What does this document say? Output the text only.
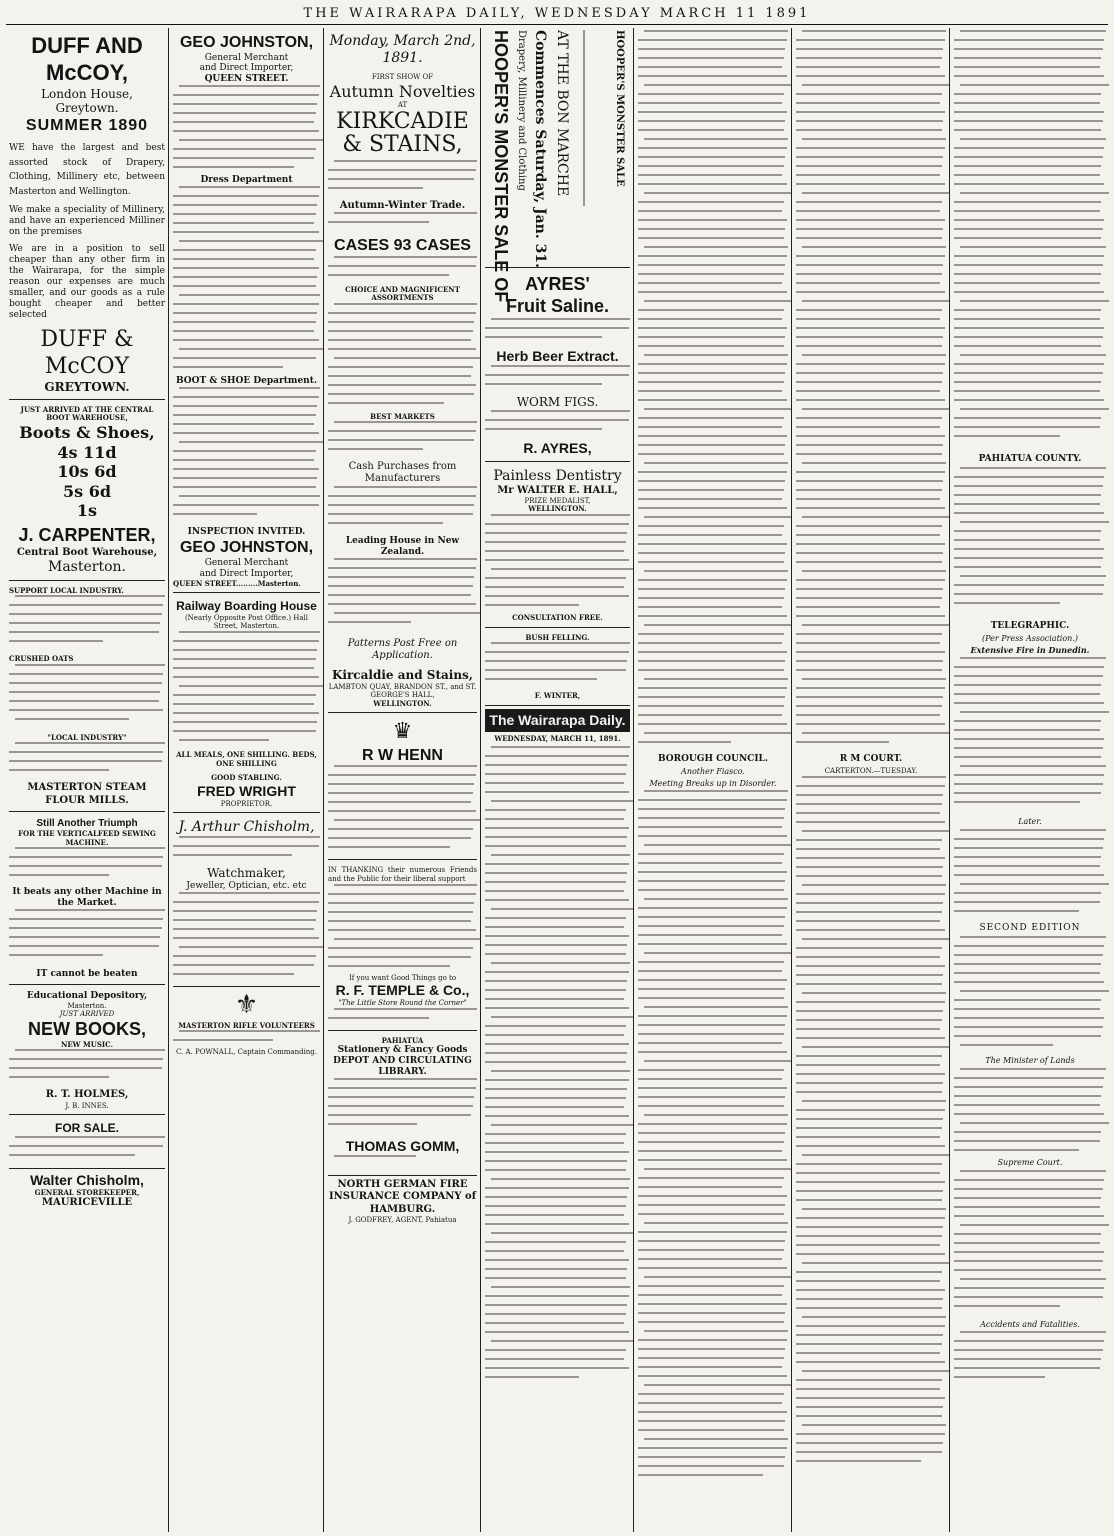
THE WAIRARAPA DAILY, WEDNESDAY MARCH 11 1891
DUFF AND McCOY,
London House, Greytown.
SUMMER 1890
WE have the largest and best assorted stock of Drapery, Clothing, Millinery etc, between Masterton and Wellington.
We make a speciality of Millinery, and have an experienced Milliner on the premises
We are in a position to sell cheaper than any other firm in the Wairarapa, for the simple reason our expenses are much smaller, and our goods as a rule bought cheaper and better selected
DUFF & McCOY
GREYTOWN.
JUST ARRIVED AT THE CENTRAL BOOT WAREHOUSE,
Boots & Shoes,
4s 11d
10s 6d
5s 6d
1s
J. CARPENTER,
Central Boot Warehouse,
Masterton.
SUPPORT LOCAL INDUSTRY.
CRUSHED OATS
"LOCAL INDUSTRY"
MASTERTON STEAM FLOUR MILLS.
Still Another Triumph
FOR THE VERTICALFEED SEWING MACHINE.
It beats any other Machine in the Market.
IT cannot be beaten
Educational Depository,
Masterton.
JUST ARRIVED
NEW BOOKS,
NEW MUSIC.
R. T. HOLMES,
J. B. INNES.
FOR SALE.
Walter Chisholm,
GENERAL STOREKEEPER,
MAURICEVILLE
GEO JOHNSTON,
General Merchant
and Direct Importer,
QUEEN STREET.
Dress Department
BOOT & SHOE Department.
INSPECTION INVITED.
GEO JOHNSTON,
General Merchant
and Direct Importer,
QUEEN STREET.........Masterton.
Railway Boarding House
(Nearly Opposite Post Office.) Hall Street, Masterton.
ALL MEALS, ONE SHILLING. BEDS, ONE SHILLING
GOOD STABLING.
FRED WRIGHT
PROPRIETOR.
J. Arthur Chisholm,
Watchmaker,
Jeweller, Optician, etc. etc
⚜
MASTERTON RIFLE VOLUNTEERS
C. A. POWNALL, Captain Commanding.
Monday, March 2nd, 1891.
FIRST SHOW OF
Autumn Novelties
AT
KIRKCADIE & STAINS,
Autumn-Winter Trade.
CASES 93 CASES
CHOICE AND MAGNIFICENT ASSORTMENTS
BEST MARKETS
Cash Purchases from Manufacturers
Leading House in New Zealand.
Patterns Post Free on Application.
Kircaldie and Stains,
LAMBTON QUAY, BRANDON ST., and ST. GEORGE'S HALL,
WELLINGTON.
♛
R W HENN
IN THANKING their numerous Friends and the Public for their liberal support
If you want Good Things go to
R. F. TEMPLE & Co.,
"The Little Store Round the Corner"
PAHIATUA
Stationery & Fancy Goods DEPOT AND CIRCULATING LIBRARY.
THOMAS GOMM,
NORTH GERMAN FIRE INSURANCE COMPANY of HAMBURG.
J. GODFREY, AGENT, Pahiatua
HOOPER'S MONSTER SALE OF Drapery, Millinery and Clothing Commences Saturday, Jan. 31. AT THE BON MARCHE	HOOPER'S MONSTER SALE
AYRES'
Fruit Saline.
Herb Beer Extract.
WORM FIGS.
R. AYRES,
Painless Dentistry
Mr WALTER E. HALL,
PRIZE MEDALIST,
WELLINGTON.
CONSULTATION FREE.
BUSH FELLING.
F. WINTER,
The Wairarapa Daily.
WEDNESDAY, MARCH 11, 1891.
BOROUGH COUNCIL.
Another Fiasco.
Meeting Breaks up in Disorder.
R M COURT.
CARTERTON.—TUESDAY.
PAHIATUA COUNTY.
TELEGRAPHIC.
(Per Press Association.)
Extensive Fire in Dunedin.
Later.
SECOND EDITION
The Minister of Lands
Supreme Court.
Accidents and Fatalities.
